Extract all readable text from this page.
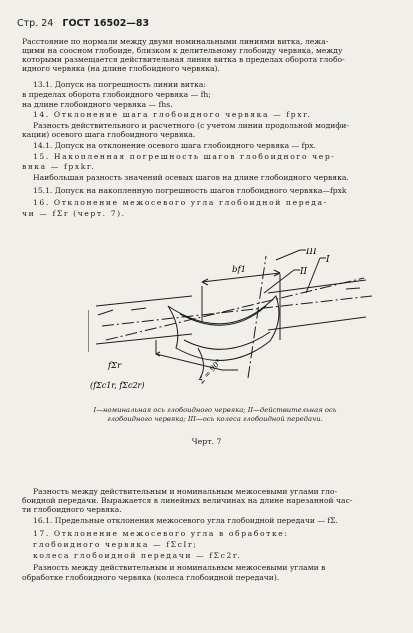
Стр. 24 ГОСТ 16502—83
Расстояние по нормали между двумя номинальными линиями витка, лежа-
щими на соосном глобоиде, близком к делительному глобоиду червяка, между
которыми размещается действительная линия витка в пределах оборота глобо-
идного червяка (на длине глобоидного червяка).
13.1. Допуск на погрешность линии витка:
в пределах оборота глобоидного червяка — fh;
на длине глобоидного червяка — fhs.
14. Отклонение шага глобоидного червяка — fpxr.
Разность действительного и расчетного (с учетом линии продольной модифи-
кации) осевого шага глобоидного червяка.
14.1. Допуск на отклонение осевого шага глобоидного червяка — fpx.
15. Накопленная погрешность шагов глобоидного чер-
вяка — fpxkr.
Наибольшая разность значений осевых шагов на длине глобоидного червяка.
15.1. Допуск на накопленную погрешность шагов глобоидного червяка—fpxk
16. Отклонение межосевого угла глобоидной переда-
чи — fΣr (черт. 7).
bf1
III
II
I
Σ = 90°
fΣr
(fΣc1r, fΣc2r)
I—номинальная ось глобоидного червяка; II—действительная ось
глобоидного червяка; III—ось колеса глобоидной передачи.
Черт. 7
Разность между действительным и номинальным межосевыми углами гло-
боидной передачи. Выражается в линейных величинах на длине нарезанной час-
ти глобоидного червяка.
16.1. Предельные отклонения межосевого угла глобоидной передачи — fΣ.
17. Отклонение межосевого угла в обработке:
глобоидного червяка — fΣcIr;
колеса глобоидной передачи — fΣc2r.
Разность между действительным и номинальным межосевыми углами в
обработке глобоидного червяка (колеса глобоидной передачи).
